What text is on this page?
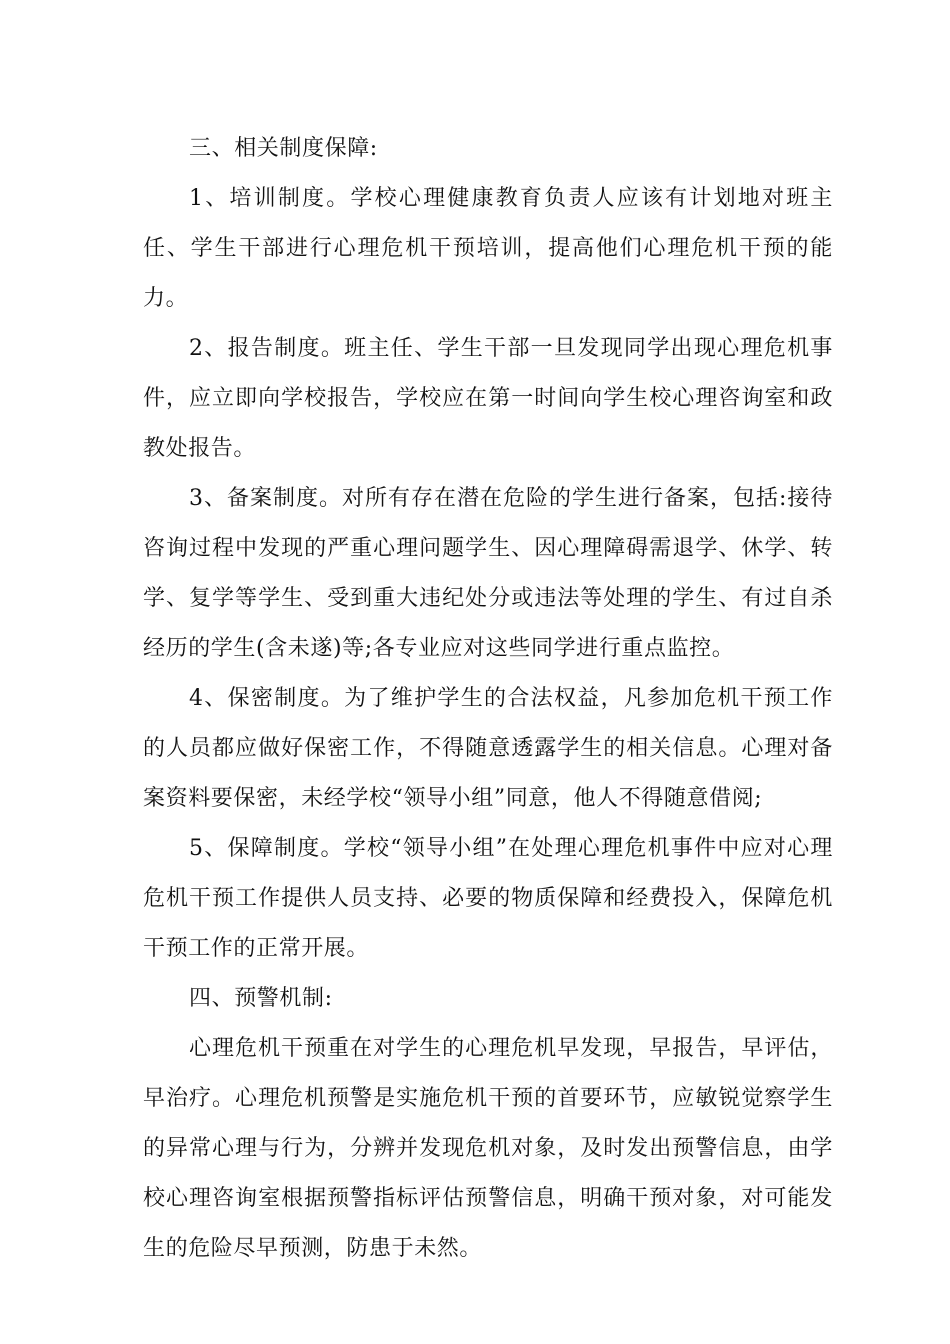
三、相关制度保障:

1、培训制度。学校心理健康教育负责人应该有计划地对班主任、学生干部进行心理危机干预培训，提高他们心理危机干预的能力。

2、报告制度。班主任、学生干部一旦发现同学出现心理危机事件，应立即向学校报告，学校应在第一时间向学生校心理咨询室和政教处报告。

3、备案制度。对所有存在潜在危险的学生进行备案，包括:接待咨询过程中发现的严重心理问题学生、因心理障碍需退学、休学、转学、复学等学生、受到重大违纪处分或违法等处理的学生、有过自杀经历的学生(含未遂)等;各专业应对这些同学进行重点监控。

4、保密制度。为了维护学生的合法权益，凡参加危机干预工作的人员都应做好保密工作，不得随意透露学生的相关信息。心理对备案资料要保密，未经学校“领导小组”同意，他人不得随意借阅;

5、保障制度。学校“领导小组”在处理心理危机事件中应对心理危机干预工作提供人员支持、必要的物质保障和经费投入，保障危机干预工作的正常开展。

四、预警机制:

心理危机干预重在对学生的心理危机早发现，早报告，早评估，早治疗。心理危机预警是实施危机干预的首要环节，应敏锐觉察学生的异常心理与行为，分辨并发现危机对象，及时发出预警信息，由学校心理咨询室根据预警指标评估预警信息，明确干预对象，对可能发生的危险尽早预测，防患于未然。
